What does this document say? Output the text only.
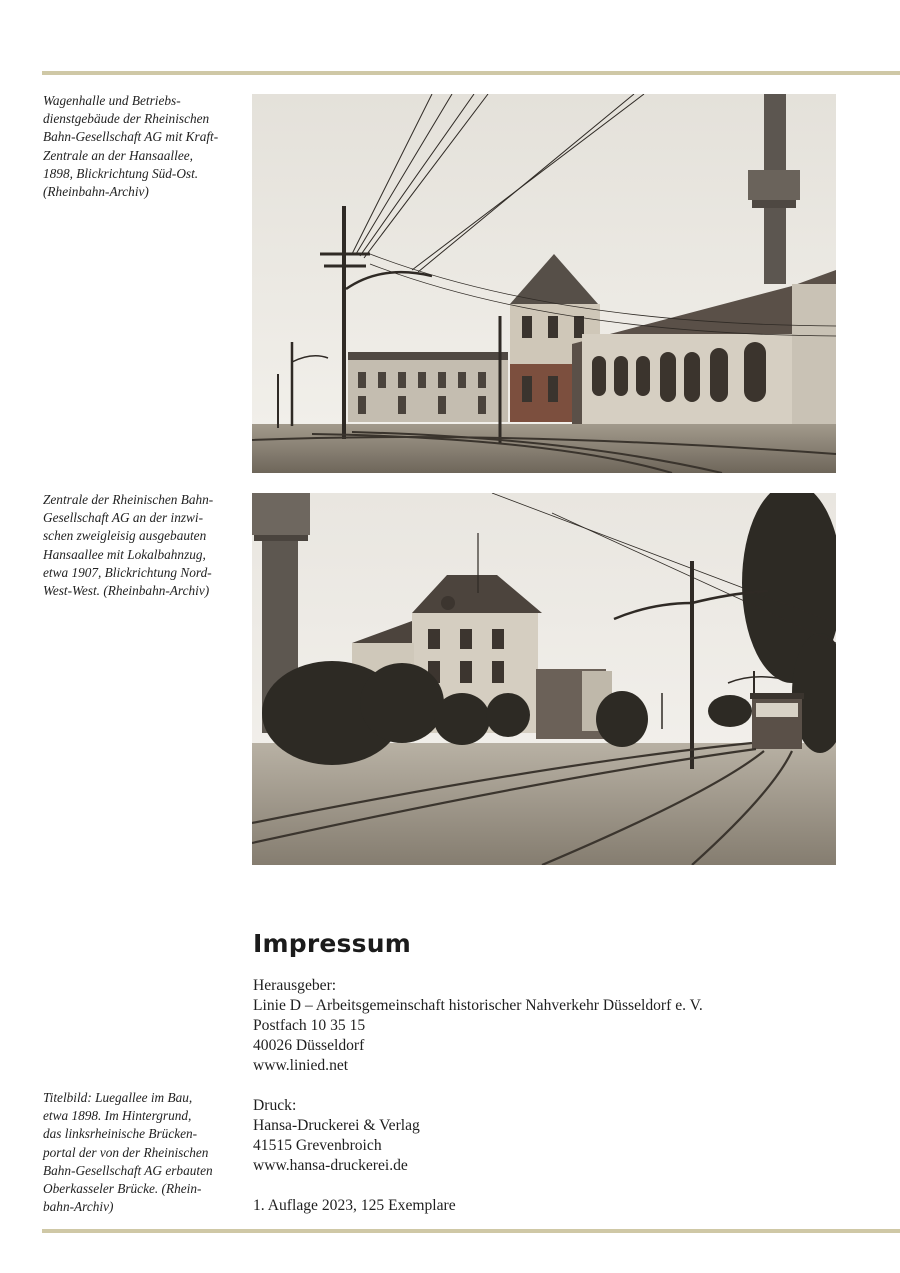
Wagenhalle und Betriebs-
dienstgebäude der Rheinischen
Bahn-Gesellschaft AG mit Kraft-
Zentrale an der Hansaallee,
1898, Blickrichtung Süd-Ost.
(Rheinbahn-Archiv)
Zentrale der Rheinischen Bahn-
Gesellschaft AG an der inzwi-
schen zweigleisig ausgebauten
Hansaallee mit Lokalbahnzug,
etwa 1907, Blickrichtung Nord-
West-West. (Rheinbahn-Archiv)
Titelbild: Luegallee im Bau,
etwa 1898. Im Hintergrund,
das linksrheinische Brücken-
portal der von der Rheinischen
Bahn-Gesellschaft AG erbauten
Oberkasseler Brücke. (Rhein-
bahn-Archiv)
Impressum
Herausgeber:
Linie D – Arbeitsgemeinschaft historischer Nahverkehr Düsseldorf e. V.
Postfach 10 35 15
40026 Düsseldorf
www.linied.net
Druck:
Hansa-Druckerei & Verlag
41515 Grevenbroich
www.hansa-druckerei.de
1. Auflage 2023, 125 Exemplare
